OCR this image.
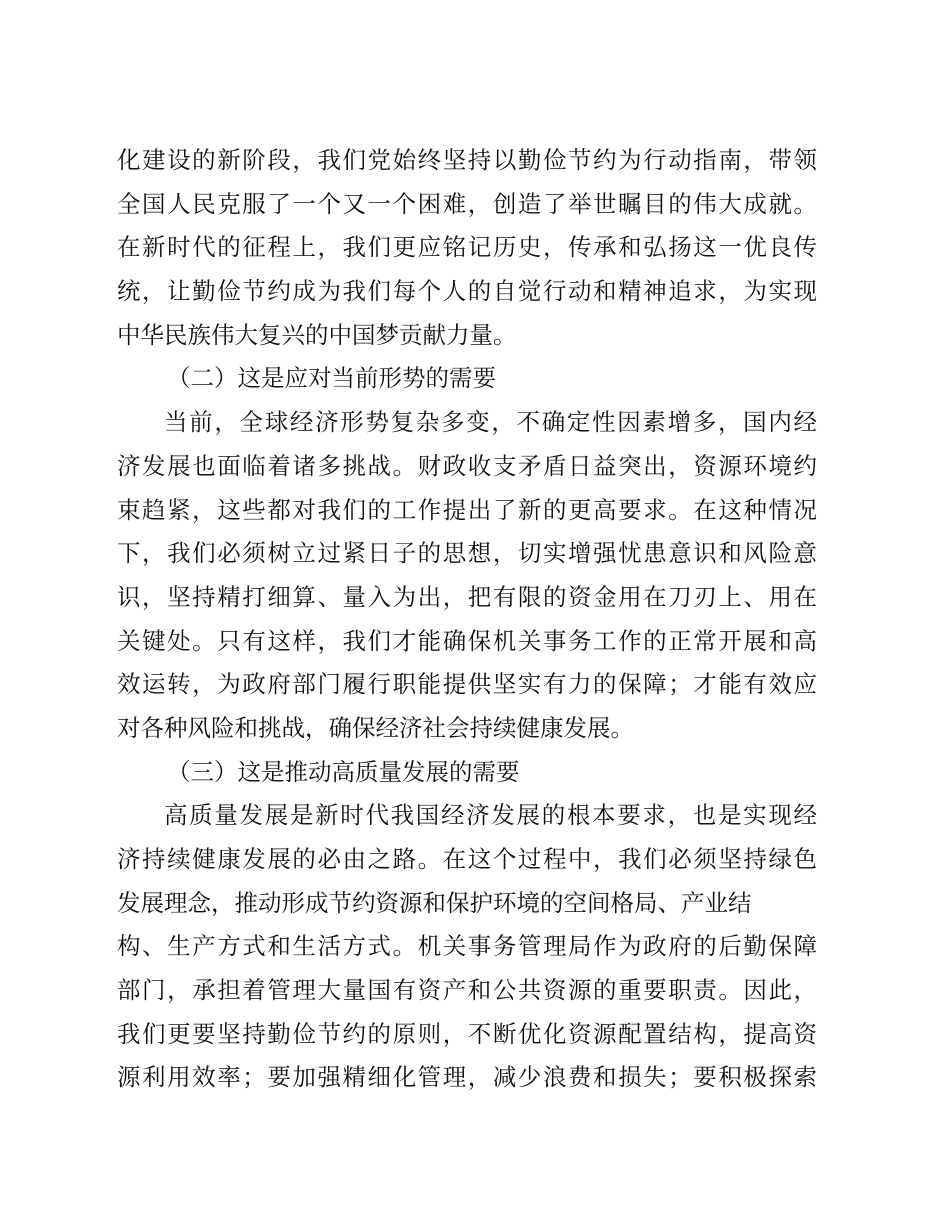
化建设的新阶段，我们党始终坚持以勤俭节约为行动指南，带领
全国人民克服了一个又一个困难，创造了举世瞩目的伟大成就。
在新时代的征程上，我们更应铭记历史，传承和弘扬这一优良传
统，让勤俭节约成为我们每个人的自觉行动和精神追求，为实现
中华民族伟大复兴的中国梦贡献力量。
（二）这是应对当前形势的需要
当前，全球经济形势复杂多变，不确定性因素增多，国内经
济发展也面临着诸多挑战。财政收支矛盾日益突出，资源环境约
束趋紧，这些都对我们的工作提出了新的更高要求。在这种情况
下，我们必须树立过紧日子的思想，切实增强忧患意识和风险意
识，坚持精打细算、量入为出，把有限的资金用在刀刃上、用在
关键处。只有这样，我们才能确保机关事务工作的正常开展和高
效运转，为政府部门履行职能提供坚实有力的保障；才能有效应
对各种风险和挑战，确保经济社会持续健康发展。
（三）这是推动高质量发展的需要
高质量发展是新时代我国经济发展的根本要求，也是实现经
济持续健康发展的必由之路。在这个过程中，我们必须坚持绿色
发展理念，推动形成节约资源和保护环境的空间格局、产业结
构、生产方式和生活方式。机关事务管理局作为政府的后勤保障
部门，承担着管理大量国有资产和公共资源的重要职责。因此，
我们更要坚持勤俭节约的原则，不断优化资源配置结构，提高资
源利用效率；要加强精细化管理，减少浪费和损失；要积极探索
